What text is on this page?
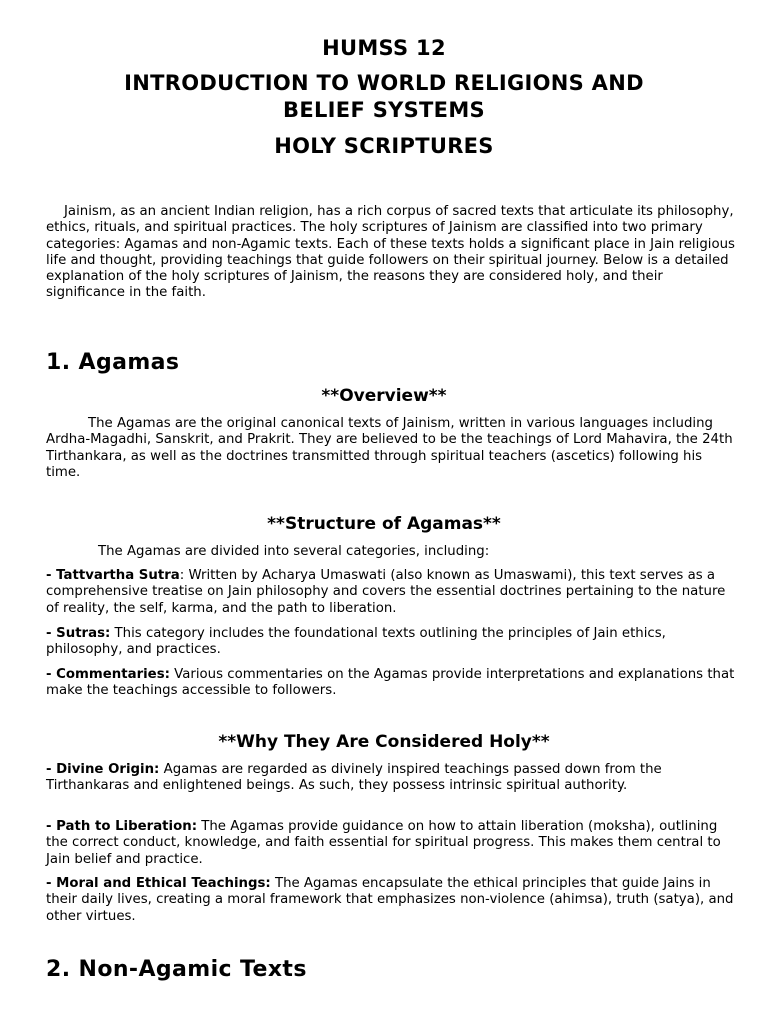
HUMSS 12
INTRODUCTION TO WORLD RELIGIONS AND
BELIEF SYSTEMS
HOLY SCRIPTURES

Jainism, as an ancient Indian religion, has a rich corpus of sacred texts that articulate its philosophy, ethics, rituals, and spiritual practices. The holy scriptures of Jainism are classified into two primary categories: Agamas and non-Agamic texts. Each of these texts holds a significant place in Jain religious life and thought, providing teachings that guide followers on their spiritual journey. Below is a detailed explanation of the holy scriptures of Jainism, the reasons they are considered holy, and their significance in the faith.

1. Agamas
**Overview**

The Agamas are the original canonical texts of Jainism, written in various languages including Ardha-Magadhi, Sanskrit, and Prakrit. They are believed to be the teachings of Lord Mahavira, the 24th Tirthankara, as well as the doctrines transmitted through spiritual teachers (ascetics) following his time.

**Structure of Agamas**

The Agamas are divided into several categories, including:

- Tattvartha Sutra: Written by Acharya Umaswati (also known as Umaswami), this text serves as a comprehensive treatise on Jain philosophy and covers the essential doctrines pertaining to the nature of reality, the self, karma, and the path to liberation.

- Sutras: This category includes the foundational texts outlining the principles of Jain ethics, philosophy, and practices.

- Commentaries: Various commentaries on the Agamas provide interpretations and explanations that make the teachings accessible to followers.

**Why They Are Considered Holy**

- Divine Origin: Agamas are regarded as divinely inspired teachings passed down from the Tirthankaras and enlightened beings. As such, they possess intrinsic spiritual authority.

- Path to Liberation: The Agamas provide guidance on how to attain liberation (moksha), outlining the correct conduct, knowledge, and faith essential for spiritual progress. This makes them central to Jain belief and practice.

- Moral and Ethical Teachings: The Agamas encapsulate the ethical principles that guide Jains in their daily lives, creating a moral framework that emphasizes non-violence (ahimsa), truth (satya), and other virtues.

2. Non-Agamic Texts
